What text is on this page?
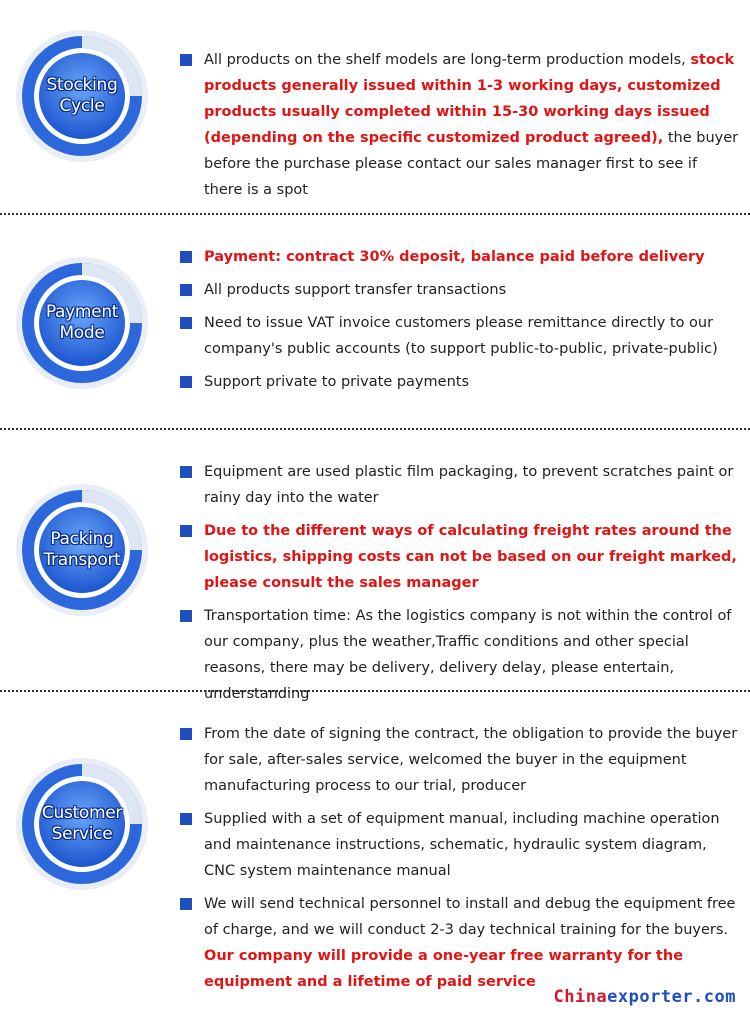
Stocking
Cycle
All products on the shelf models are long-term production models, stock products generally issued within 1-3 working days, customized products usually completed within 15-30 working days issued (depending on the specific customized product agreed), the buyer before the purchase please contact our sales manager first to see if there is a spot
Payment
Mode
Payment: contract 30% deposit, balance paid before delivery
All products support transfer transactions
Need to issue VAT invoice customers please remittance directly to our company's public accounts (to support public-to-public, private-public)
Support private to private payments
Packing
Transport
Equipment are used plastic film packaging, to prevent scratches paint or rainy day into the water
Due to the different ways of calculating freight rates around the logistics, shipping costs can not be based on our freight marked, please consult the sales manager
Transportation time: As the logistics company is not within the control of our company, plus the weather,Traffic conditions and other special reasons, there may be delivery, delivery delay, please entertain, understanding
Customer
Service
From the date of signing the contract, the obligation to provide the buyer for sale, after-sales service, welcomed the buyer in the equipment manufacturing process to our trial, producer
Supplied with a set of equipment manual, including machine operation and maintenance instructions, schematic, hydraulic system diagram, CNC system maintenance manual
We will send technical personnel to install and debug the equipment free of charge, and we will conduct 2-3 day technical training for the buyers. Our company will provide a one-year free warranty for the equipment and a lifetime of paid service
Chinaexporter.com
